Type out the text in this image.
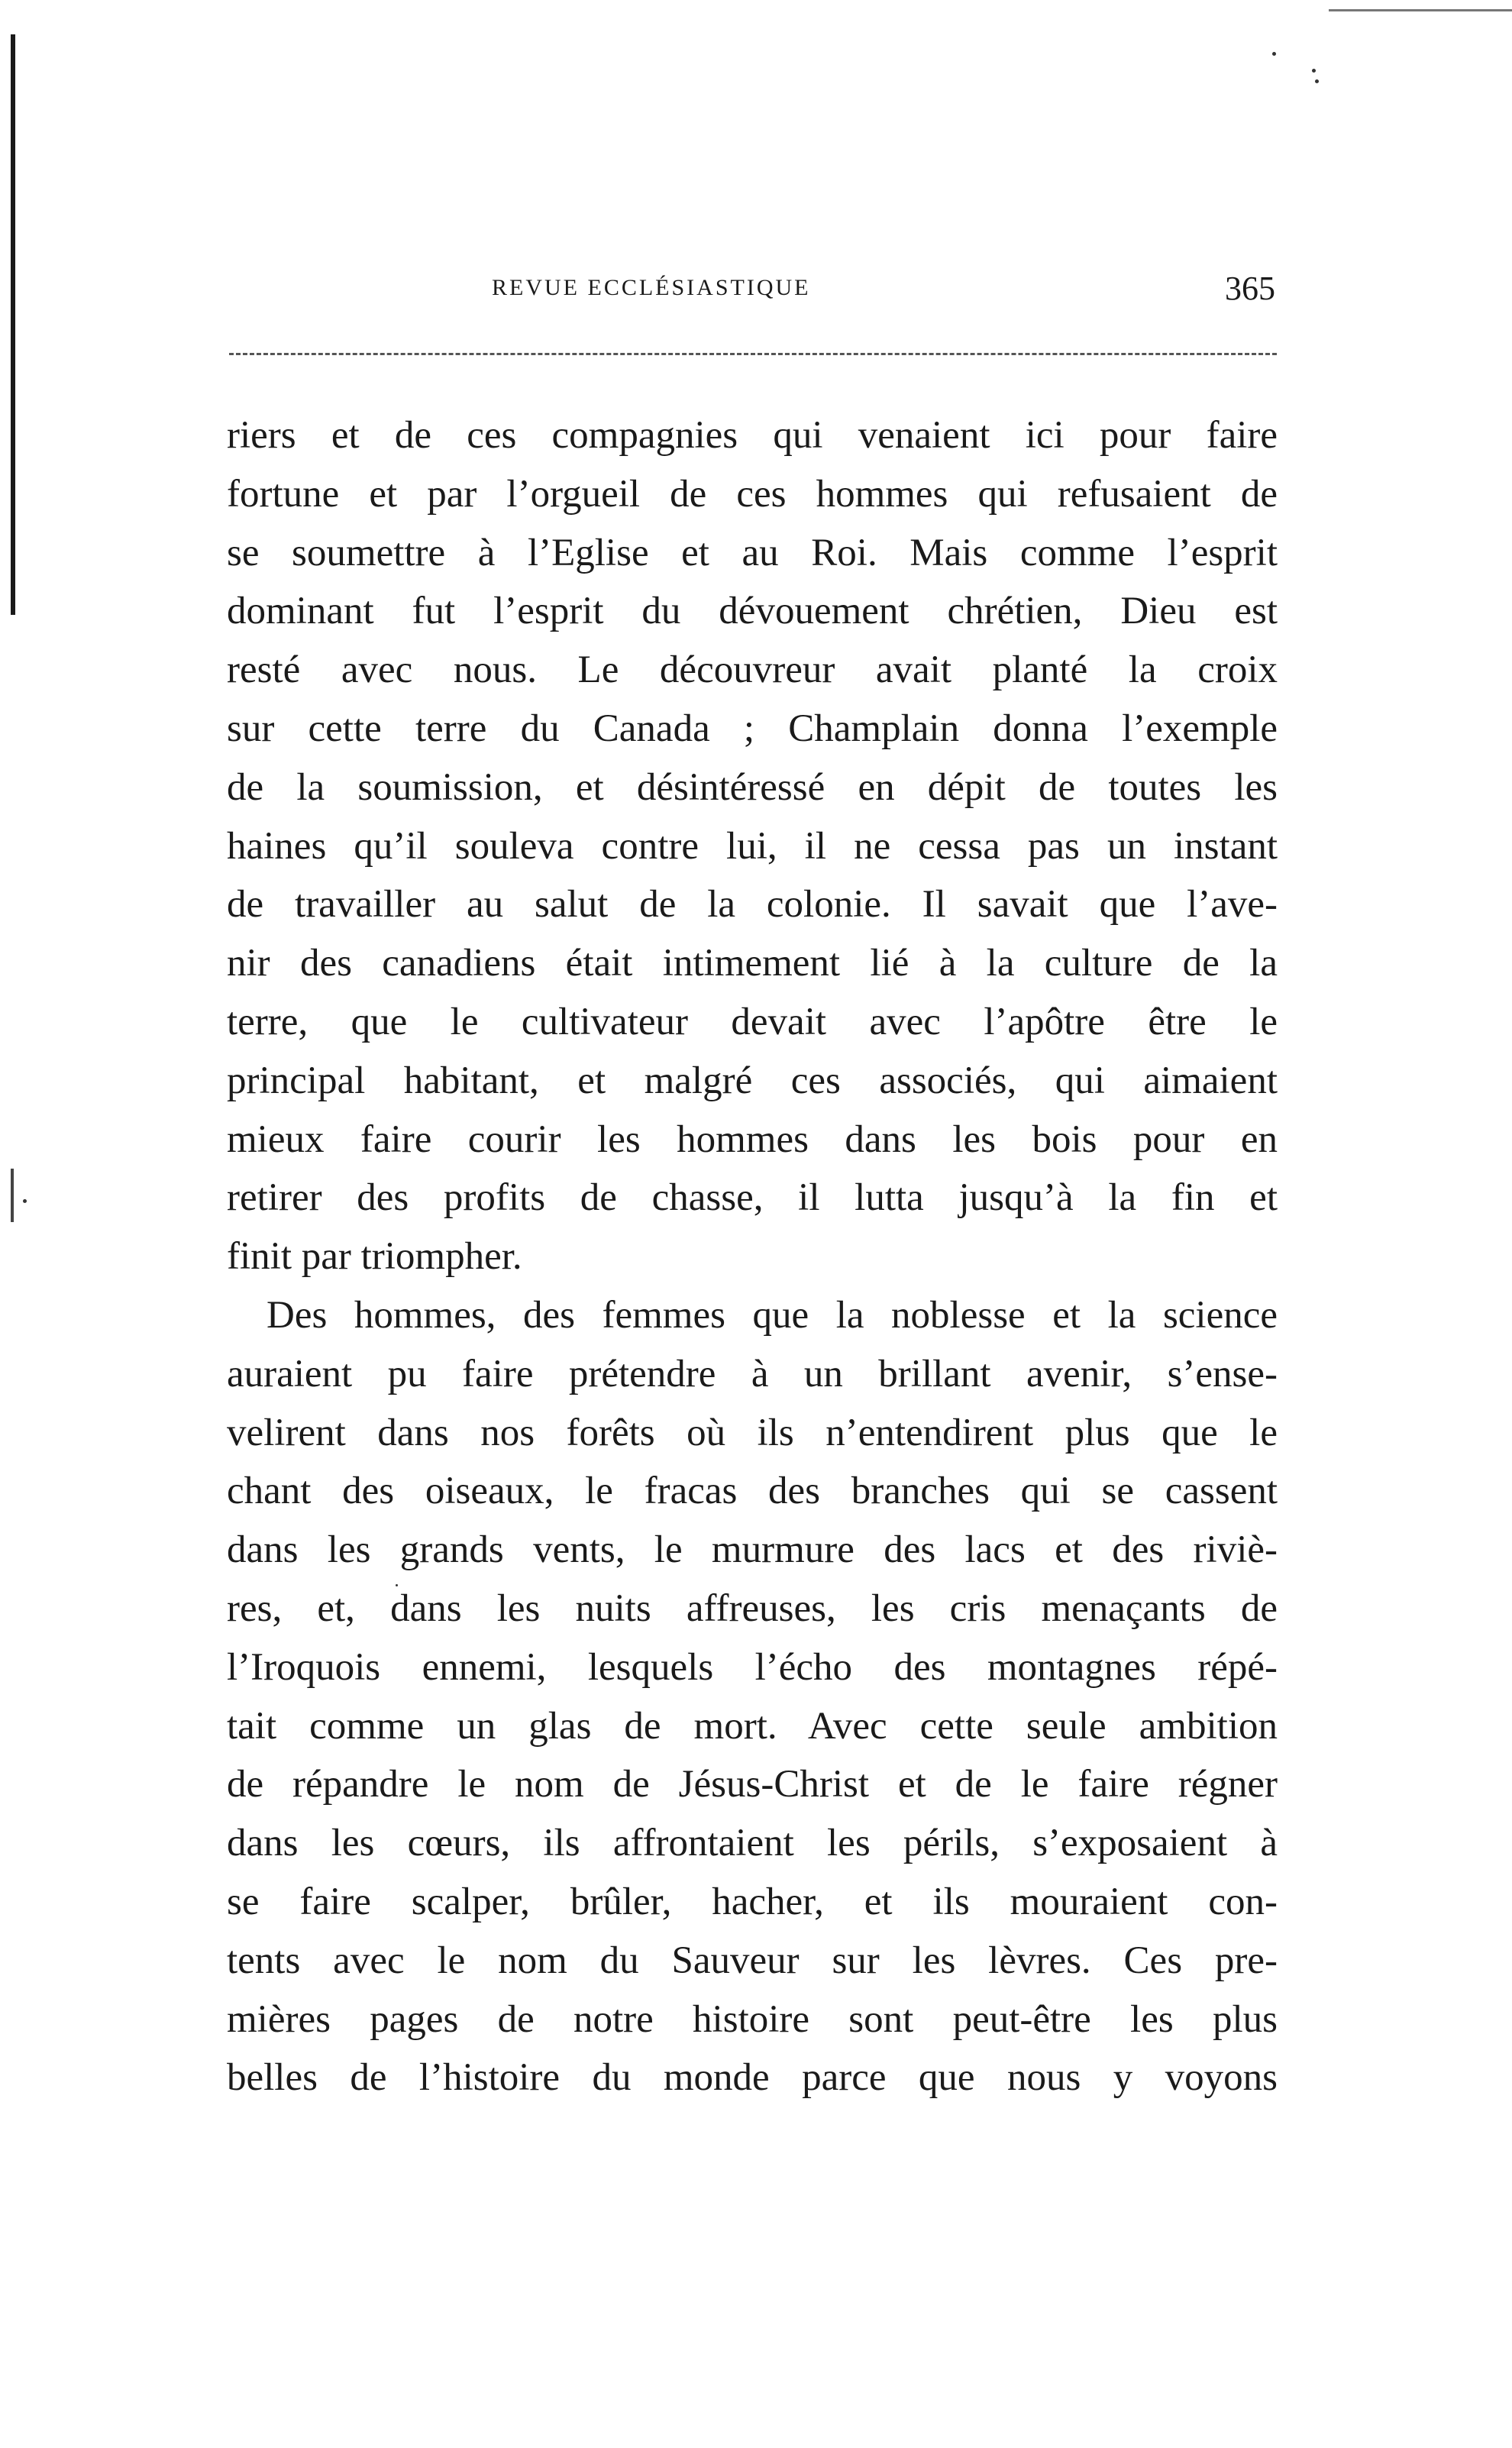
REVUE ECCLÉSIASTIQUE	365

riers et de ces compagnies qui venaient ici pour faire
fortune et par l’orgueil de ces hommes qui refusaient de
se soumettre à l’Eglise et au Roi. Mais comme l’esprit
dominant fut l’esprit du dévouement chrétien, Dieu est
resté avec nous. Le découvreur avait planté la croix
sur cette terre du Canada ; Champlain donna l’exemple
de la soumission, et désintéressé en dépit de toutes les
haines qu’il souleva contre lui, il ne cessa pas un instant
de travailler au salut de la colonie. Il savait que l’ave-
nir des canadiens était intimement lié à la culture de la
terre, que le cultivateur devait avec l’apôtre être le
principal habitant, et malgré ces associés, qui aimaient
mieux faire courir les hommes dans les bois pour en
retirer des profits de chasse, il lutta jusqu’à la fin et
finit par triompher.

Des hommes, des femmes que la noblesse et la science
auraient pu faire prétendre à un brillant avenir, s’ense-
velirent dans nos forêts où ils n’entendirent plus que le
chant des oiseaux, le fracas des branches qui se cassent
dans les grands vents, le murmure des lacs et des riviè-
res, et, dans les nuits affreuses, les cris menaçants de
l’Iroquois ennemi, lesquels l’écho des montagnes répé-
tait comme un glas de mort. Avec cette seule ambition
de répandre le nom de Jésus-Christ et de le faire régner
dans les cœurs, ils affrontaient les périls, s’exposaient à
se faire scalper, brûler, hacher, et ils mouraient con-
tents avec le nom du Sauveur sur les lèvres. Ces pre-
mières pages de notre histoire sont peut-être les plus
belles de l’histoire du monde parce que nous y voyons
